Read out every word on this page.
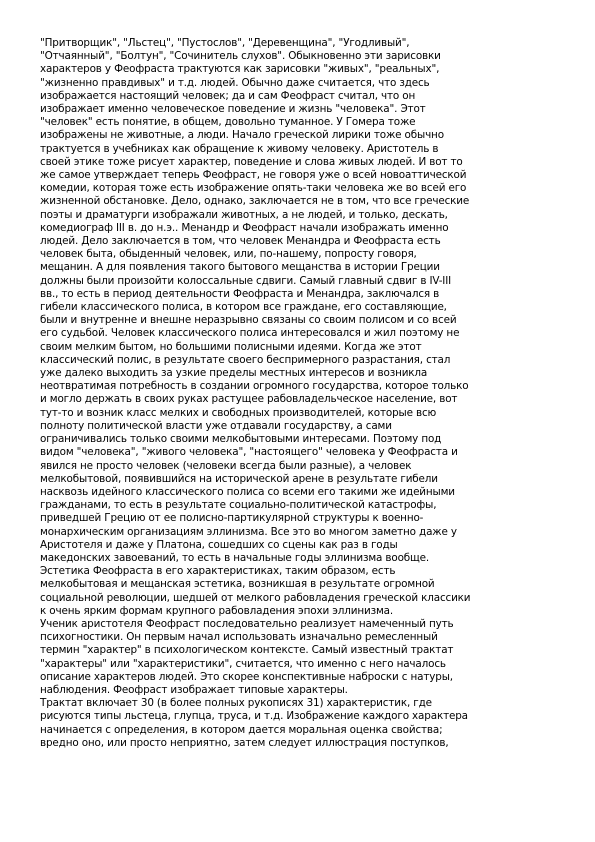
"Притворщик", "Льстец", "Пустослов", "Деревенщина", "Угодливый",
"Отчаянный", "Болтун", "Сочинитель слухов". Обыкновенно эти зарисовки
характеров у Феофраста трактуются как зарисовки "живых", "реальных",
"жизненно правдивых" и т.д. людей. Обычно даже считается, что здесь
изображается настоящий человек; да и сам Феофраст считал, что он
изображает именно человеческое поведение и жизнь "человека". Этот
"человек" есть понятие, в общем, довольно туманное. У Гомера тоже
изображены не животные, а люди. Начало греческой лирики тоже обычно
трактуется в учебниках как обращение к живому человеку. Аристотель в
своей этике тоже рисует характер, поведение и слова живых людей. И вот то
же самое утверждает теперь Феофраст, не говоря уже о всей новоаттической
комедии, которая тоже есть изображение опять-таки человека же во всей его
жизненной обстановке. Дело, однако, заключается не в том, что все греческие
поэты и драматурги изображали животных, а не людей, и только, дескать,
комедиограф III в. до н.э.. Менандр и Феофраст начали изображать именно
людей. Дело заключается в том, что человек Менандра и Феофраста есть
человек быта, обыденный человек, или, по-нашему, попросту говоря,
мещанин. А для появления такого бытового мещанства в истории Греции
должны были произойти колоссальные сдвиги. Самый главный сдвиг в IV-III
вв., то есть в период деятельности Феофраста и Менандра, заключался в
гибели классического полиса, в котором все граждане, его составляющие,
были и внутренне и внешне неразрывно связаны со своим полисом и со всей
его судьбой. Человек классического полиса интересовался и жил поэтому не
своим мелким бытом, но большими полисными идеями. Когда же этот
классический полис, в результате своего беспримерного разрастания, стал
уже далеко выходить за узкие пределы местных интересов и возникла
неотвратимая потребность в создании огромного государства, которое только
и могло держать в своих руках растущее рабовладельческое население, вот
тут-то и возник класс мелких и свободных производителей, которые всю
полноту политической власти уже отдавали государству, а сами
ограничивались только своими мелкобытовыми интересами. Поэтому под
видом "человека", "живого человека", "настоящего" человека у Феофраста и
явился не просто человек (человеки всегда были разные), а человек
мелкобытовой, появившийся на исторической арене в результате гибели
насквозь идейного классического полиса со всеми его такими же идейными
гражданами, то есть в результате социально-политической катастрофы,
приведшей Грецию от ее полисно-партикулярной структуры к военно-
монархическим организациям эллинизма. Все это во многом заметно даже у
Аристотеля и даже у Платона, сошедших со сцены как раз в годы
македонских завоеваний, то есть в начальные годы эллинизма вообще.
Эстетика Феофраста в его характеристиках, таким образом, есть
мелкобытовая и мещанская эстетика, возникшая в результате огромной
социальной революции, шедшей от мелкого рабовладения греческой классики
к очень ярким формам крупного рабовладения эпохи эллинизма.
Ученик аристотеля Феофраст последовательно реализует намеченный путь
психогностики. Он первым начал использовать изначально ремесленный
термин "характер" в психологическом контексте. Самый известный трактат
"характеры" или "характеристики", считается, что именно с него началось
описание характеров людей. Это скорее конспективные наброски с натуры,
наблюдения. Феофраст изображает типовые характеры.
Трактат включает 30 (в более полных рукописях 31) характеристик, где
рисуются типы льстеца, глупца, труса, и т.д. Изображение каждого характера
начинается с определения, в котором дается моральная оценка свойства;
вредно оно, или просто неприятно, затем следует иллюстрация поступков,
